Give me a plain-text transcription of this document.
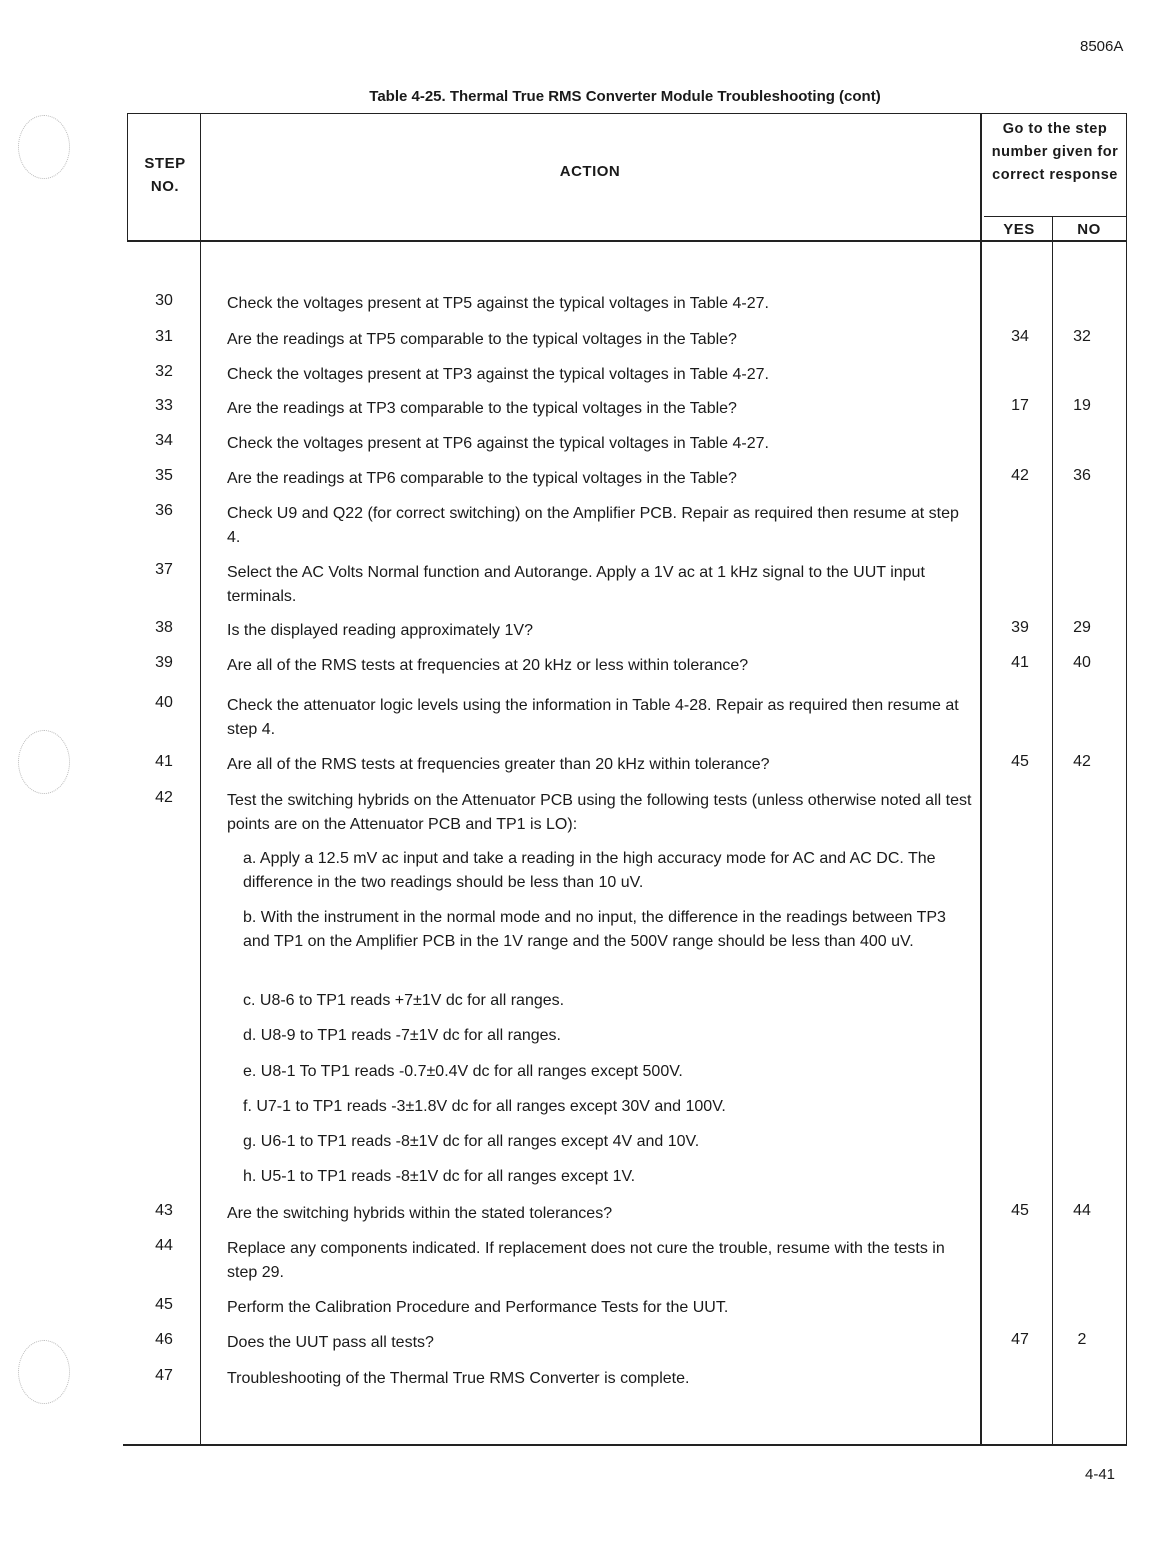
8506A
Table 4-25. Thermal True RMS Converter Module Troubleshooting (cont)
STEP NO.
ACTION
Go to the step number given for correct response
YES	NO
30	Check the voltages present at TP5 against the typical voltages in Table 4-27.
31	Are the readings at TP5 comparable to the typical voltages in the Table?	34	32
32	Check the voltages present at TP3 against the typical voltages in Table 4-27.
33	Are the readings at TP3 comparable to the typical voltages in the Table?	17	19
34	Check the voltages present at TP6 against the typical voltages in Table 4-27.
35	Are the readings at TP6 comparable to the typical voltages in the Table?	42	36
36	Check U9 and Q22 (for correct switching) on the Amplifier PCB. Repair as required then resume at step 4.
37	Select the AC Volts Normal function and Autorange. Apply a 1V ac at 1 kHz signal to the UUT input terminals.
38	Is the displayed reading approximately 1V?	39	29
39	Are all of the RMS tests at frequencies at 20 kHz or less within tolerance?	41	40
40	Check the attenuator logic levels using the information in Table 4-28. Repair as required then resume at step 4.
41	Are all of the RMS tests at frequencies greater than 20 kHz within tolerance?	45	42
42	Test the switching hybrids on the Attenuator PCB using the following tests (unless otherwise noted all test points are on the Attenuator PCB and TP1 is LO):
a. Apply a 12.5 mV ac input and take a reading in the high accuracy mode for AC and AC DC. The difference in the two readings should be less than 10 uV.
b. With the instrument in the normal mode and no input, the difference in the readings between TP3 and TP1 on the Amplifier PCB in the 1V range and the 500V range should be less than 400 uV.
c. U8-6 to TP1 reads +7±1V dc for all ranges.
d. U8-9 to TP1 reads -7±1V dc for all ranges.
e. U8-1 To TP1 reads -0.7±0.4V dc for all ranges except 500V.
f. U7-1 to TP1 reads -3±1.8V dc for all ranges except 30V and 100V.
g. U6-1 to TP1 reads -8±1V dc for all ranges except 4V and 10V.
h. U5-1 to TP1 reads -8±1V dc for all ranges except 1V.
43	Are the switching hybrids within the stated tolerances?	45	44
44	Replace any components indicated. If replacement does not cure the trouble, resume with the tests in step 29.
45	Perform the Calibration Procedure and Performance Tests for the UUT.
46	Does the UUT pass all tests?	47	2
47	Troubleshooting of the Thermal True RMS Converter is complete.
4-41
